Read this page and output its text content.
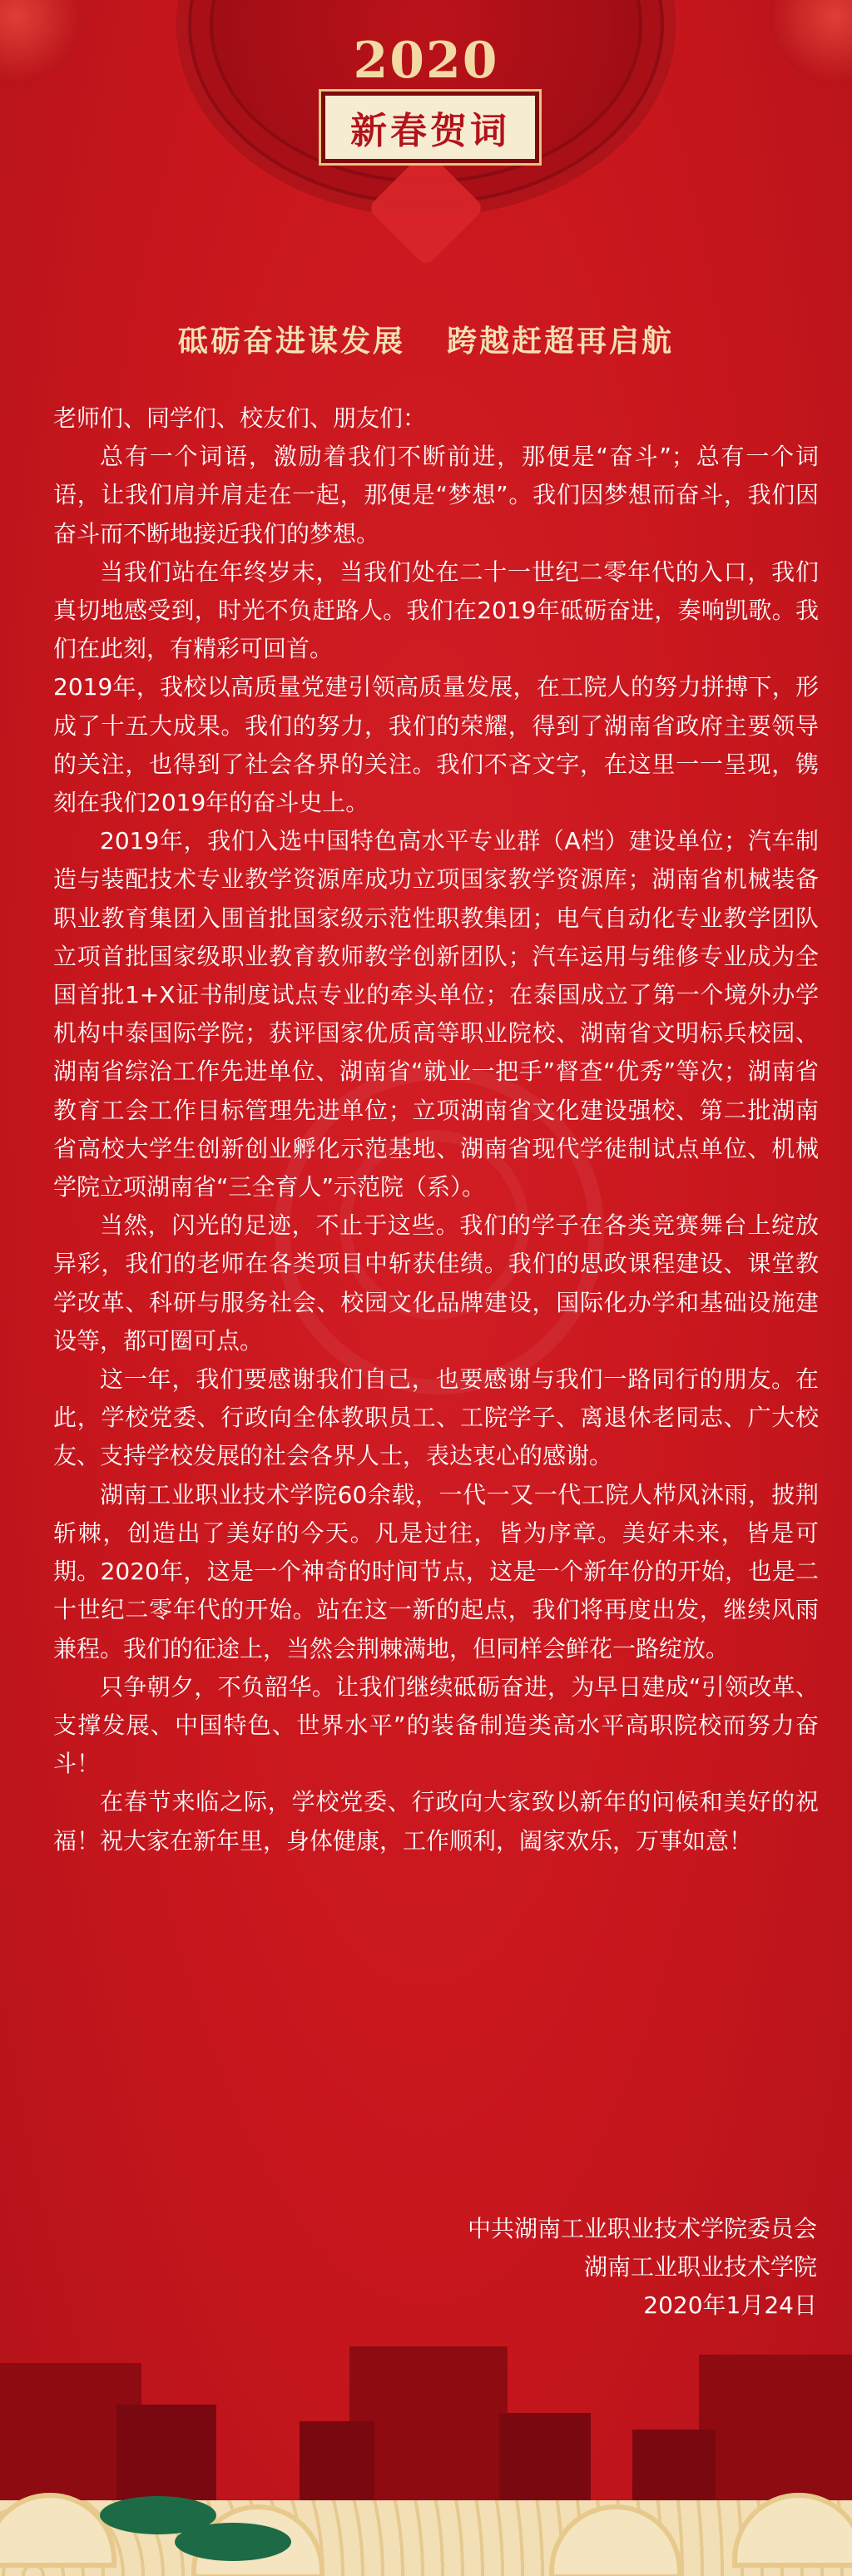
2020
新春贺词
砥砺奋进谋发展 跨越赶超再启航

老师们、同学们、校友们、朋友们：

总有一个词语，激励着我们不断前进，那便是“奋斗”；总有一个词语，让我们肩并肩走在一起，那便是“梦想”。我们因梦想而奋斗，我们因奋斗而不断地接近我们的梦想。

当我们站在年终岁末，当我们处在二十一世纪二零年代的入口，我们真切地感受到，时光不负赶路人。我们在2019年砥砺奋进，奏响凯歌。我们在此刻，有精彩可回首。

2019年，我校以高质量党建引领高质量发展，在工院人的努力拼搏下，形成了十五大成果。我们的努力，我们的荣耀，得到了湖南省政府主要领导的关注，也得到了社会各界的关注。我们不吝文字，在这里一一呈现，镌刻在我们2019年的奋斗史上。

2019年，我们入选中国特色高水平专业群（A档）建设单位；汽车制造与装配技术专业教学资源库成功立项国家教学资源库；湖南省机械装备职业教育集团入围首批国家级示范性职教集团；电气自动化专业教学团队立项首批国家级职业教育教师教学创新团队；汽车运用与维修专业成为全国首批1+X证书制度试点专业的牵头单位；在泰国成立了第一个境外办学机构中泰国际学院；获评国家优质高等职业院校、湖南省文明标兵校园、湖南省综治工作先进单位、湖南省“就业一把手”督查“优秀”等次；湖南省教育工会工作目标管理先进单位；立项湖南省文化建设强校、第二批湖南省高校大学生创新创业孵化示范基地、湖南省现代学徒制试点单位、机械学院立项湖南省“三全育人”示范院（系）。

当然，闪光的足迹，不止于这些。我们的学子在各类竞赛舞台上绽放异彩，我们的老师在各类项目中斩获佳绩。我们的思政课程建设、课堂教学改革、科研与服务社会、校园文化品牌建设，国际化办学和基础设施建设等，都可圈可点。

这一年，我们要感谢我们自己，也要感谢与我们一路同行的朋友。在此，学校党委、行政向全体教职员工、工院学子、离退休老同志、广大校友、支持学校发展的社会各界人士，表达衷心的感谢。

湖南工业职业技术学院60余载，一代一又一代工院人栉风沐雨，披荆斩棘，创造出了美好的今天。凡是过往，皆为序章。美好未来，皆是可期。2020年，这是一个神奇的时间节点，这是一个新年份的开始，也是二十世纪二零年代的开始。站在这一新的起点，我们将再度出发，继续风雨兼程。我们的征途上，当然会荆棘满地，但同样会鲜花一路绽放。

只争朝夕，不负韶华。让我们继续砥砺奋进，为早日建成“引领改革、支撑发展、中国特色、世界水平”的装备制造类高水平高职院校而努力奋斗！

在春节来临之际，学校党委、行政向大家致以新年的问候和美好的祝福！祝大家在新年里，身体健康，工作顺利，阖家欢乐，万事如意！

中共湖南工业职业技术学院委员会
湖南工业职业技术学院
2020年1月24日
